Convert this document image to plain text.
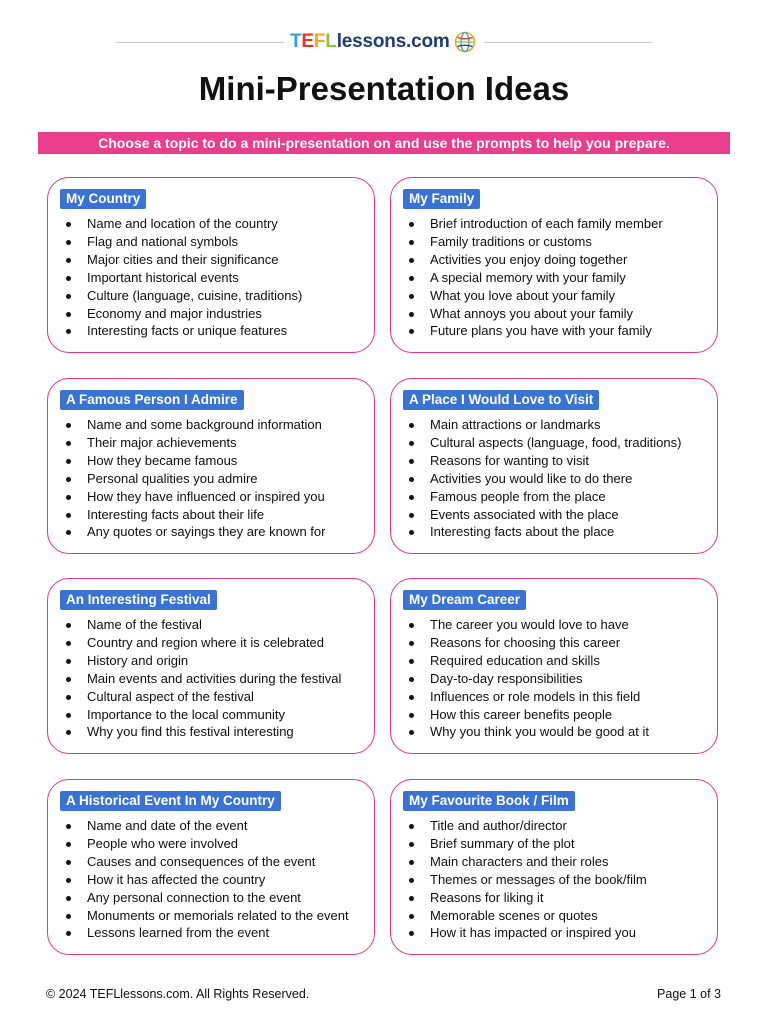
T E F L lessons.com
Mini-Presentation Ideas
Choose a topic to do a mini-presentation on and use the prompts to help you prepare.
My Country
Name and location of the country
Flag and national symbols
Major cities and their significance
Important historical events
Culture (language, cuisine, traditions)
Economy and major industries
Interesting facts or unique features
My Family
Brief introduction of each family member
Family traditions or customs
Activities you enjoy doing together
A special memory with your family
What you love about your family
What annoys you about your family
Future plans you have with your family
A Famous Person I Admire
Name and some background information
Their major achievements
How they became famous
Personal qualities you admire
How they have influenced or inspired you
Interesting facts about their life
Any quotes or sayings they are known for
A Place I Would Love to Visit
Main attractions or landmarks
Cultural aspects (language, food, traditions)
Reasons for wanting to visit
Activities you would like to do there
Famous people from the place
Events associated with the place
Interesting facts about the place
An Interesting Festival
Name of the festival
Country and region where it is celebrated
History and origin
Main events and activities during the festival
Cultural aspect of the festival
Importance to the local community
Why you find this festival interesting
My Dream Career
The career you would love to have
Reasons for choosing this career
Required education and skills
Day-to-day responsibilities
Influences or role models in this field
How this career benefits people
Why you think you would be good at it
A Historical Event In My Country
Name and date of the event
People who were involved
Causes and consequences of the event
How it has affected the country
Any personal connection to the event
Monuments or memorials related to the event
Lessons learned from the event
My Favourite Book / Film
Title and author/director
Brief summary of the plot
Main characters and their roles
Themes or messages of the book/film
Reasons for liking it
Memorable scenes or quotes
How it has impacted or inspired you
© 2024 TEFLlessons.com. All Rights Reserved.	Page 1 of 3
